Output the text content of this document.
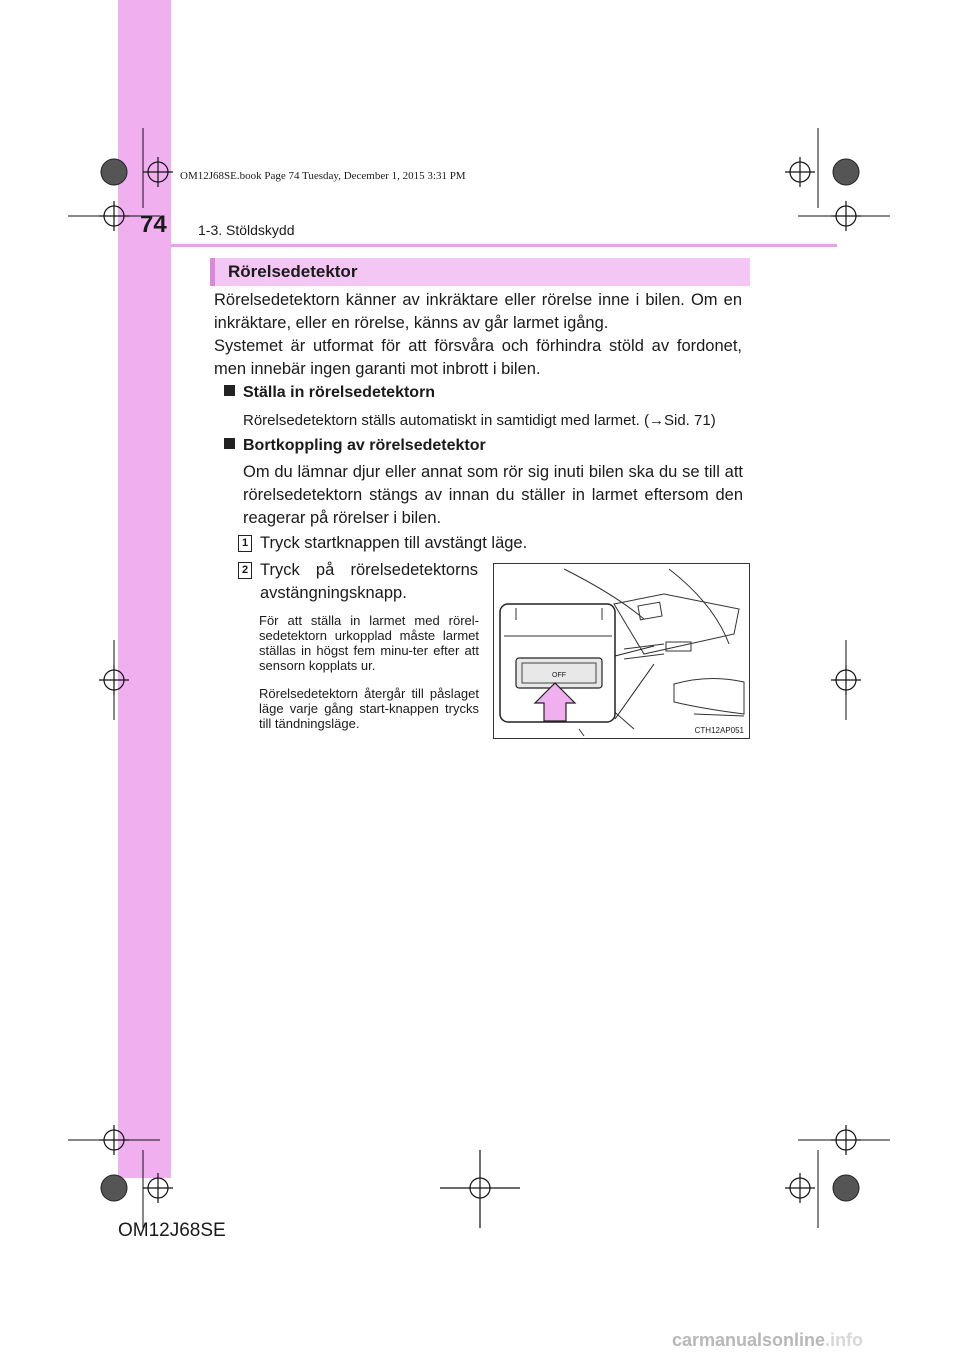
OM12J68SE.book Page 74 Tuesday, December 1, 2015 3:31 PM
74 1-3. Stöldskydd
Rörelsedetektor
Rörelsedetektorn känner av inkräktare eller rörelse inne i bilen. Om en inkräktare, eller en rörelse, känns av går larmet igång.
Systemet är utformat för att försvåra och förhindra stöld av fordonet, men innebär ingen garanti mot inbrott i bilen.
Ställa in rörelsedetektorn
Rörelsedetektorn ställs automatiskt in samtidigt med larmet. (→Sid. 71)
Bortkoppling av rörelsedetektor
Om du lämnar djur eller annat som rör sig inuti bilen ska du se till att rörelsedetektorn stängs av innan du ställer in larmet eftersom den reagerar på rörelser i bilen.
1 Tryck startknappen till avstängt läge.
2 Tryck på rörelsedetektorns avstängningsknapp.
För att ställa in larmet med rörel-sedetektorn urkopplad måste larmet ställas in högst fem minu-ter efter att sensorn kopplats ur.
Rörelsedetektorn återgår till påslaget läge varje gång start-knappen trycks till tändningsläge.
OFF
CTH12AP051
OM12J68SE
carmanualsonline.info
